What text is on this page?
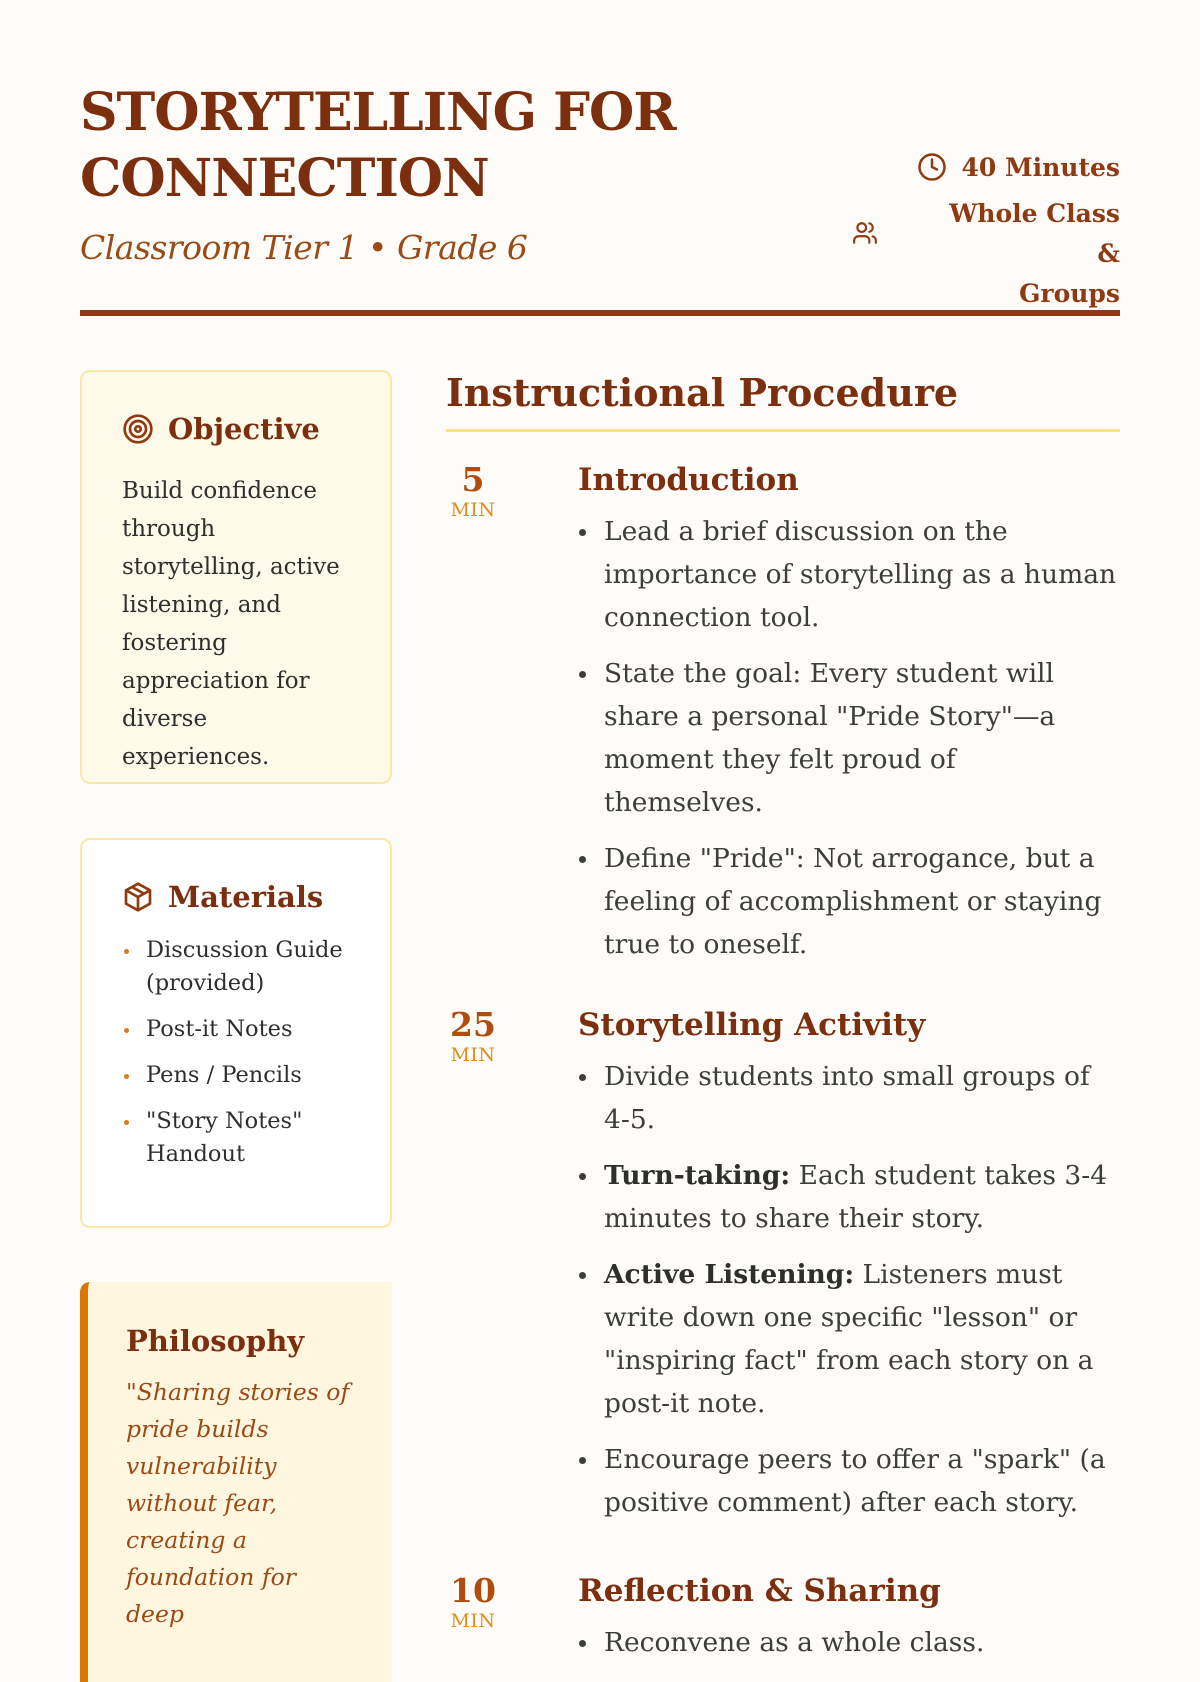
STORYTELLING FOR
CONNECTION
Classroom Tier 1 • Grade 6
40 Minutes
Whole Class &
Groups
Objective

Build confidence through storytelling, active listening, and fostering appreciation for diverse experiences.

Materials
Discussion Guide (provided)
Post-it Notes
Pens / Pencils
"Story Notes" Handout
Philosophy

"Sharing stories of pride builds vulnerability without fear, creating a foundation for deep

Instructional Procedure
5
MIN
Introduction
Lead a brief discussion on the importance of storytelling as a human connection tool.
State the goal: Every student will share a personal "Pride Story"—a moment they felt proud of themselves.
Define "Pride": Not arrogance, but a feeling of accomplishment or staying true to oneself.
25
MIN
Storytelling Activity
Divide students into small groups of 4-5.
Turn-taking: Each student takes 3-4 minutes to share their story.
Active Listening: Listeners must write down one specific "lesson" or "inspiring fact" from each story on a post-it note.
Encourage peers to offer a "spark" (a positive comment) after each story.
10
MIN
Reflection & Sharing
Reconvene as a whole class.
